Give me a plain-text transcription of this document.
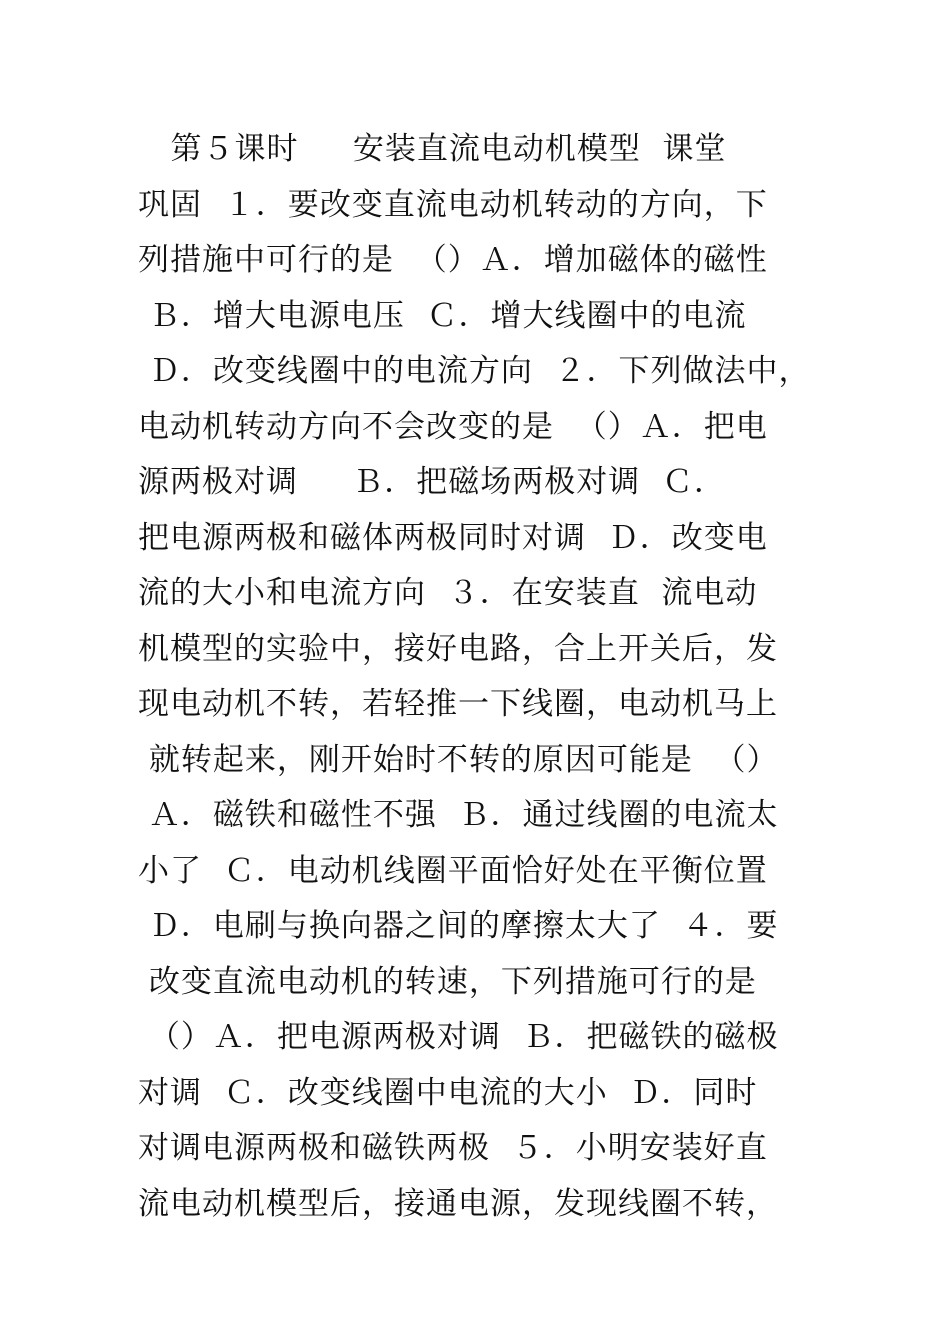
第５课时     安装直流电动机模型  课堂
巩固  １．要改变直流电动机转动的方向，下
列措施中可行的是  （）Ａ．增加磁体的磁性
Ｂ．增大电源电压  Ｃ．增大线圈中的电流
Ｄ．改变线圈中的电流方向  ２．下列做法中，
电动机转动方向不会改变的是  （）Ａ．把电
源两极对调     Ｂ．把磁场两极对调  Ｃ．
把电源两极和磁体两极同时对调  Ｄ．改变电
流的大小和电流方向  ３．在安装直  流电动
机模型的实验中，接好电路，合上开关后，发
现电动机不转，若轻推一下线圈，电动机马上
就转起来，刚开始时不转的原因可能是  （）
Ａ．磁铁和磁性不强  Ｂ．通过线圈的电流太
小了  Ｃ．电动机线圈平面恰好处在平衡位置
Ｄ．电刷与换向器之间的摩擦太大了  ４．要
改变直流电动机的转速，下列措施可行的是
（）Ａ．把电源两极对调  Ｂ．把磁铁的磁极
对调  Ｃ．改变线圈中电流的大小  Ｄ．同时
对调电源两极和磁铁两极  ５．小明安装好直
流电动机模型后，接通电源，发现线圈不转，
